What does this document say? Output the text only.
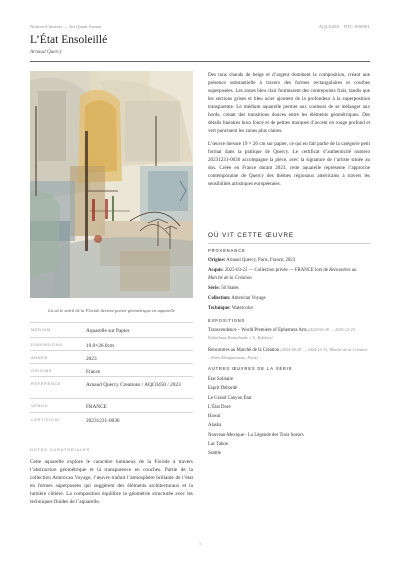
Notices d’œuvres — Art Quant Aroma	AQC0450 · NTC-000001
L’État Ensoleillé
Arnaud Quercy
Là où le soleil de la Floride devient poésie géométrique en aquarelle
MÉDIUM	Aquarelle sur Papier
DIMENSIONS	19.0×26.0cm
ANNÉE	2023
ORIGINE	France
RÉFÉRENCE	Arnaud Quercy Creations / AQC0450 / 2023
VENDU	FRANCE
CERTIFICAT	20231231-0036
NOTES CURATORIALES

Cette aquarelle explore le caractère lumineux de la Floride à travers l’abstraction géométrique et la transparence en couches. Partie de la collection American Voyage, l’œuvre traduit l’atmosphère brillante de l’état en formes superposées qui suggèrent des éléments architecturaux et la lumière côtière. La composition équilibre la géométrie structurée avec les techniques fluides de l’aquarelle.

Des tons chauds de beige et d’argent dominent la composition, créant une présence substantielle à travers des formes rectangulaires et courbes superposées. Les zones bleu clair fournissent des contrepoints frais, tandis que les sections grises et bleu acier ajoutent de la profondeur à la superposition transparente. Le médium aquarelle permet aux couleurs de se mélanger aux bords, créant des transitions douces entre les éléments géométriques. Des détails linéaires brun foncé et de petites marques d’accent en rouge profond et vert ponctuent les zones plus claires.

L’œuvre mesure 19 × 26 cm sur papier, ce qui en fait partie de la catégorie petit format dans la pratique de Quercy. Le certificat d’authenticité numéro 20231231-0036 accompagne la pièce, avec la signature de l’artiste située au dos. Créée en France durant 2023, cette aquarelle représente l’approche contemporaine de Quercy des thèmes régionaux américains à travers les sensibilités artistiques européennes.

OÙ VIT CETTE ŒUVRE
PROVENANCE
Origine: Arnaud Quercy, Paris, France, 2023
Acquis: 2025-03-23 — Collection privée — FRANCE lors de Rencontres au Marché de la Création
Série: 50 States
Collection: American Voyage
Technique: Watercolor
EXPOSITIONS
Transcendence – World Premiere of Ephemera Arts (2024-06-29 → 2025-12-23, Kulturhaus Kaiserlnahe e.V., Koblenz)
Rencontres au Marché de la Création (2024-06-29 → 2024-12-31, Marché de la Création – Paris Montparnasse, Paris)
AUTRES ŒUVRES DE LA SÉRIE
État Solitaire
Esprit Debordé
Le Grand Canyon État
L’État Doré
Hawaï
Alaska
Nouveau-Mexique - La Légende des Trois Soeurs
Lac Tahoe
Seattle
1
